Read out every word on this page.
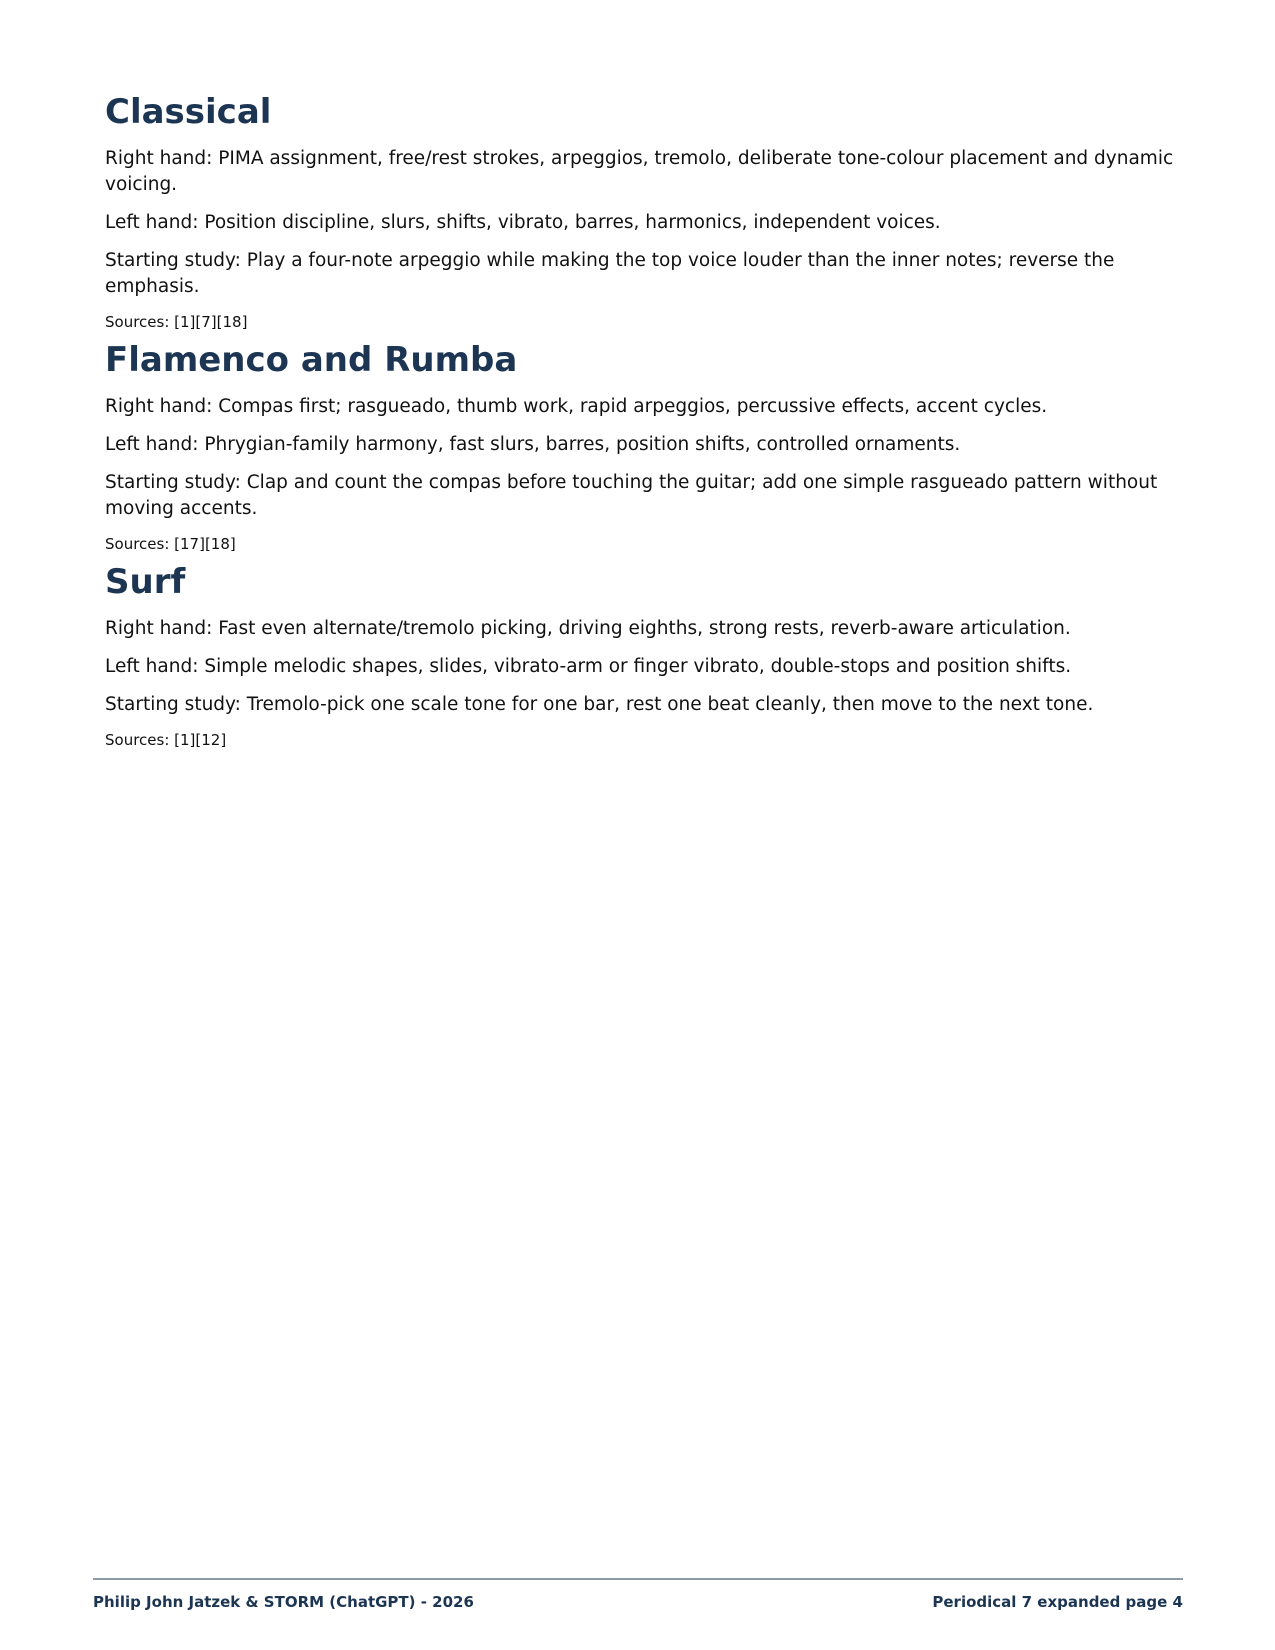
Classical

Right hand: PIMA assignment, free/rest strokes, arpeggios, tremolo, deliberate tone-colour placement and dynamic voicing.

Left hand: Position discipline, slurs, shifts, vibrato, barres, harmonics, independent voices.

Starting study: Play a four-note arpeggio while making the top voice louder than the inner notes; reverse the emphasis.

Sources: [1][7][18]

Flamenco and Rumba

Right hand: Compas first; rasgueado, thumb work, rapid arpeggios, percussive effects, accent cycles.

Left hand: Phrygian-family harmony, fast slurs, barres, position shifts, controlled ornaments.

Starting study: Clap and count the compas before touching the guitar; add one simple rasgueado pattern without moving accents.

Sources: [17][18]

Surf

Right hand: Fast even alternate/tremolo picking, driving eighths, strong rests, reverb-aware articulation.

Left hand: Simple melodic shapes, slides, vibrato-arm or finger vibrato, double-stops and position shifts.

Starting study: Tremolo-pick one scale tone for one bar, rest one beat cleanly, then move to the next tone.

Sources: [1][12]

Philip John Jatzek & STORM (ChatGPT) - 2026	Periodical 7 expanded page 4
